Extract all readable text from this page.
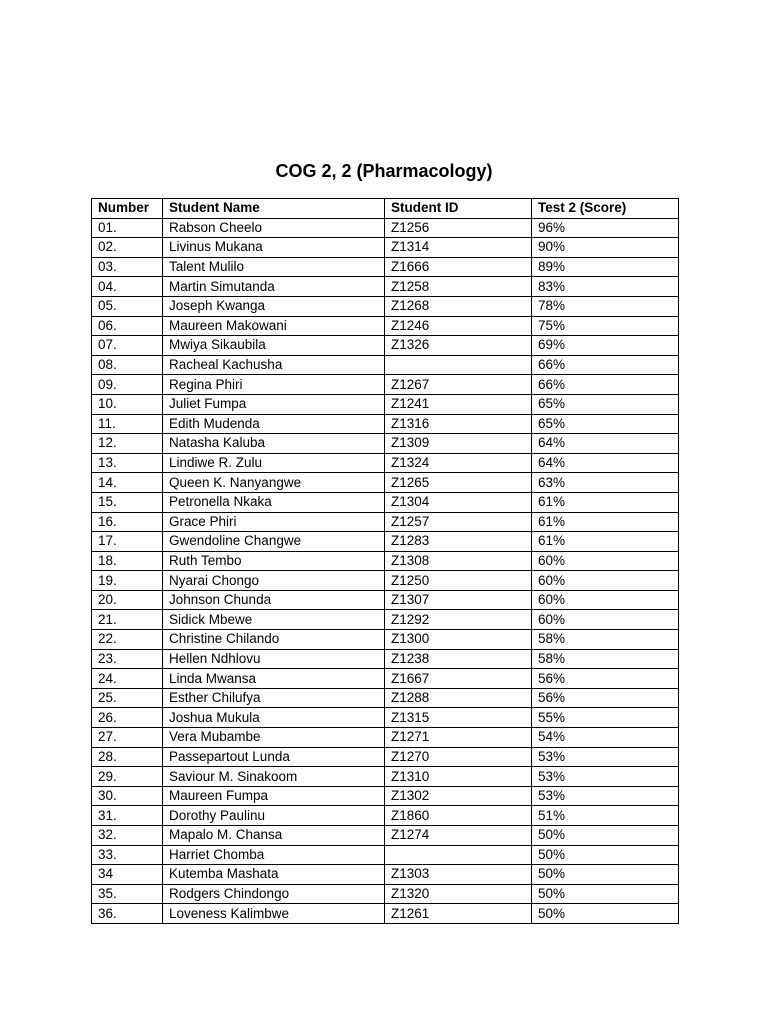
COG 2, 2 (Pharmacology)
Number	Student Name	Student ID	Test 2 (Score)
01.	Rabson Cheelo	Z1256	96%
02.	Livinus Mukana	Z1314	90%
03.	Talent Mulilo	Z1666	89%
04.	Martin Simutanda	Z1258	83%
05.	Joseph Kwanga	Z1268	78%
06.	Maureen Makowani	Z1246	75%
07.	Mwiya Sikaubila	Z1326	69%
08.	Racheal Kachusha		66%
09.	Regina Phiri	Z1267	66%
10.	Juliet Fumpa	Z1241	65%
11.	Edith Mudenda	Z1316	65%
12.	Natasha Kaluba	Z1309	64%
13.	Lindiwe R. Zulu	Z1324	64%
14.	Queen K. Nanyangwe	Z1265	63%
15.	Petronella Nkaka	Z1304	61%
16.	Grace Phiri	Z1257	61%
17.	Gwendoline Changwe	Z1283	61%
18.	Ruth Tembo	Z1308	60%
19.	Nyarai Chongo	Z1250	60%
20.	Johnson Chunda	Z1307	60%
21.	Sidick Mbewe	Z1292	60%
22.	Christine Chilando	Z1300	58%
23.	Hellen Ndhlovu	Z1238	58%
24.	Linda Mwansa	Z1667	56%
25.	Esther Chilufya	Z1288	56%
26.	Joshua Mukula	Z1315	55%
27.	Vera Mubambe	Z1271	54%
28.	Passepartout Lunda	Z1270	53%
29.	Saviour M. Sinakoom	Z1310	53%
30.	Maureen Fumpa	Z1302	53%
31.	Dorothy Paulinu	Z1860	51%
32.	Mapalo M. Chansa	Z1274	50%
33.	Harriet Chomba		50%
34	Kutemba Mashata	Z1303	50%
35.	Rodgers Chindongo	Z1320	50%
36.	Loveness Kalimbwe	Z1261	50%
